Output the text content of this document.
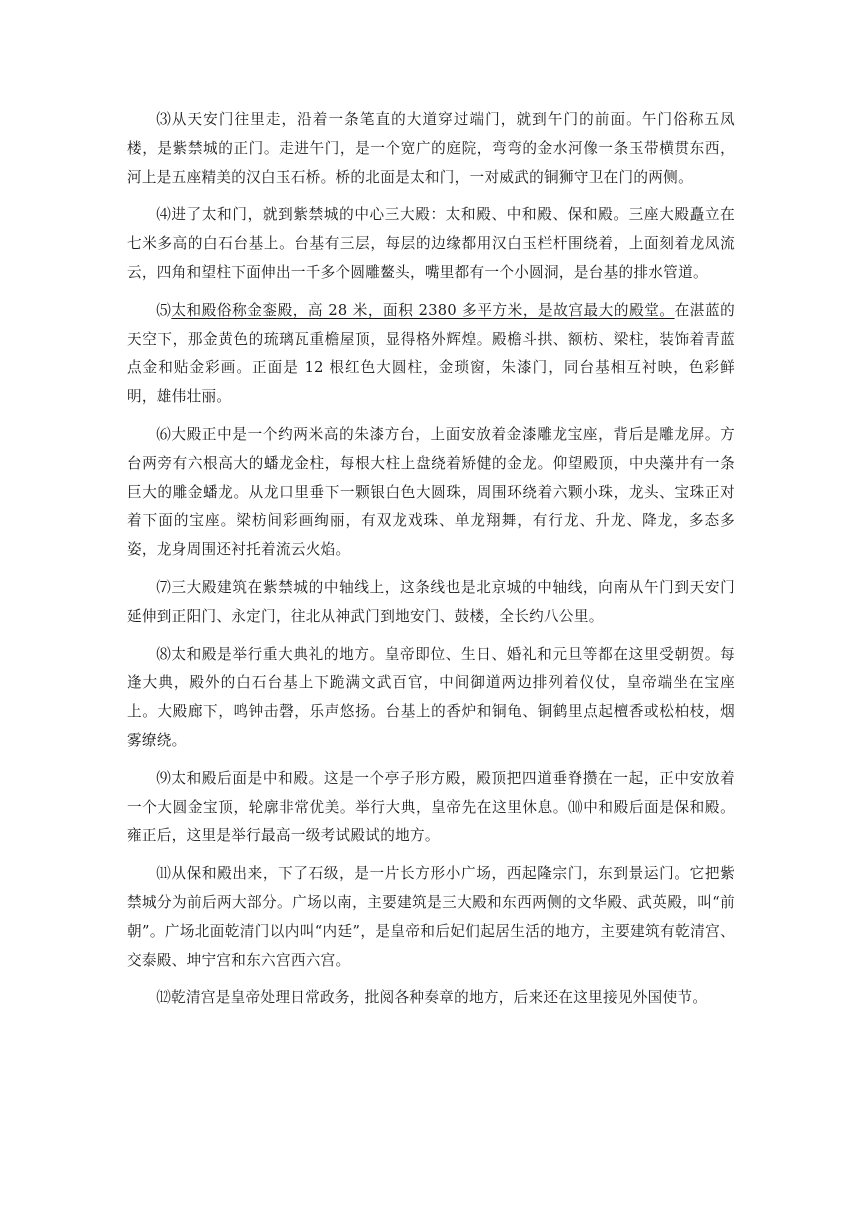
⑶从天安门往里走，沿着一条笔直的大道穿过端门，就到午门的前面。午门俗称五凤楼，是紫禁城的正门。走进午门，是一个宽广的庭院，弯弯的金水河像一条玉带横贯东西，河上是五座精美的汉白玉石桥。桥的北面是太和门，一对威武的铜狮守卫在门的两侧。

⑷进了太和门，就到紫禁城的中心三大殿：太和殿、中和殿、保和殿。三座大殿矗立在七米多高的白石台基上。台基有三层，每层的边缘都用汉白玉栏杆围绕着，上面刻着龙凤流云，四角和望柱下面伸出一千多个圆雕鳌头，嘴里都有一个小圆洞，是台基的排水管道。

⑸太和殿俗称金銮殿，高 28 米，面积 2380 多平方米，是故宫最大的殿堂。在湛蓝的天空下，那金黄色的琉璃瓦重檐屋顶，显得格外辉煌。殿檐斗拱、额枋、梁柱，装饰着青蓝点金和贴金彩画。正面是 12 根红色大圆柱，金琐窗，朱漆门，同台基相互衬映，色彩鲜明，雄伟壮丽。

⑹大殿正中是一个约两米高的朱漆方台，上面安放着金漆雕龙宝座，背后是雕龙屏。方台两旁有六根高大的蟠龙金柱，每根大柱上盘绕着矫健的金龙。仰望殿顶，中央藻井有一条巨大的雕金蟠龙。从龙口里垂下一颗银白色大圆珠，周围环绕着六颗小珠，龙头、宝珠正对着下面的宝座。梁枋间彩画绚丽，有双龙戏珠、单龙翔舞，有行龙、升龙、降龙，多态多姿，龙身周围还衬托着流云火焰。

⑺三大殿建筑在紫禁城的中轴线上，这条线也是北京城的中轴线，向南从午门到天安门延伸到正阳门、永定门，往北从神武门到地安门、鼓楼，全长约八公里。

⑻太和殿是举行重大典礼的地方。皇帝即位、生日、婚礼和元旦等都在这里受朝贺。每逢大典，殿外的白石台基上下跪满文武百官，中间御道两边排列着仪仗，皇帝端坐在宝座上。大殿廊下，鸣钟击磬，乐声悠扬。台基上的香炉和铜龟、铜鹤里点起檀香或松柏枝，烟雾缭绕。

⑼太和殿后面是中和殿。这是一个亭子形方殿，殿顶把四道垂脊攒在一起，正中安放着一个大圆金宝顶，轮廓非常优美。举行大典，皇帝先在这里休息。⑽中和殿后面是保和殿。雍正后，这里是举行最高一级考试殿试的地方。

⑾从保和殿出来，下了石级，是一片长方形小广场，西起隆宗门，东到景运门。它把紫禁城分为前后两大部分。广场以南，主要建筑是三大殿和东西两侧的文华殿、武英殿，叫“前朝”。广场北面乾清门以内叫“内廷”，是皇帝和后妃们起居生活的地方，主要建筑有乾清宫、交泰殿、坤宁宫和东六宫西六宫。

⑿乾清宫是皇帝处理日常政务，批阅各种奏章的地方，后来还在这里接见外国使节。
